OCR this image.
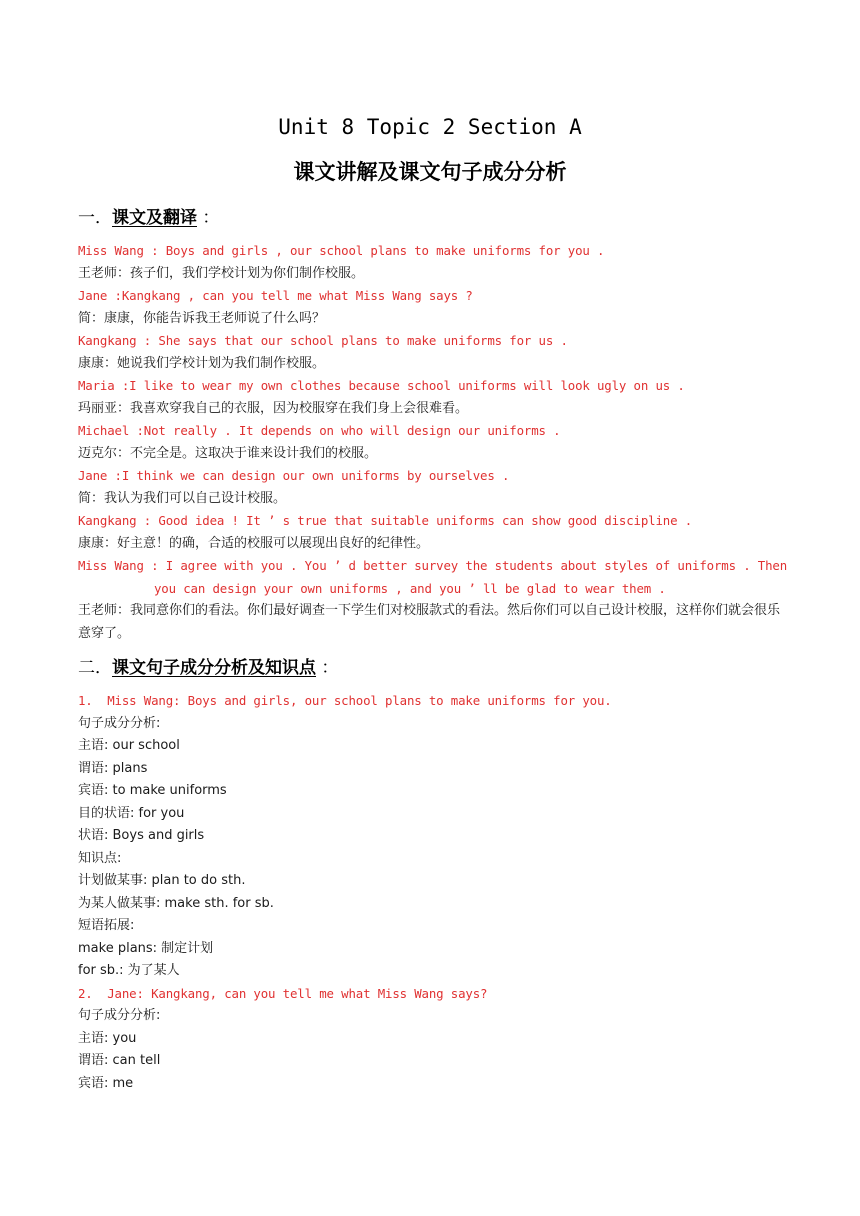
Unit 8 Topic 2 Section A
课文讲解及课文句子成分分析
一．课文及翻译 ：
Miss Wang : Boys and girls , our school plans to make uniforms for you .
王老师：孩子们，我们学校计划为你们制作校服。
Jane :Kangkang , can you tell me what Miss Wang says ?
简：康康，你能告诉我王老师说了什么吗？
Kangkang : She says that our school plans to make uniforms for us .
康康：她说我们学校计划为我们制作校服。
Maria :I like to wear my own clothes because school uniforms will look ugly on us .
玛丽亚：我喜欢穿我自己的衣服，因为校服穿在我们身上会很难看。
Michael :Not really . It depends on who will design our uniforms .
迈克尔：不完全是。这取决于谁来设计我们的校服。
Jane :I think we can design our own uniforms by ourselves .
简：我认为我们可以自己设计校服。
Kangkang : Good idea ! It ’ s true that suitable uniforms can show good discipline .
康康：好主意！的确，合适的校服可以展现出良好的纪律性。
Miss Wang : I agree with you . You ’ d better survey the students about styles of uniforms . Then
you can design your own uniforms , and you ’ ll be glad to wear them .
王老师：我同意你们的看法。你们最好调查一下学生们对校服款式的看法。然后你们可以自己设计校服，这样你们就会很乐意穿了。
二．课文句子成分分析及知识点 ：
1.  Miss Wang: Boys and girls, our school plans to make uniforms for you.
句子成分分析:
主语: our school
谓语: plans
宾语: to make uniforms
目的状语: for you
状语: Boys and girls
知识点:
计划做某事: plan to do sth.
为某人做某事: make sth. for sb.
短语拓展:
make plans: 制定计划
for sb.: 为了某人
2.  Jane: Kangkang, can you tell me what Miss Wang says?
句子成分分析:
主语: you
谓语: can tell
宾语: me
